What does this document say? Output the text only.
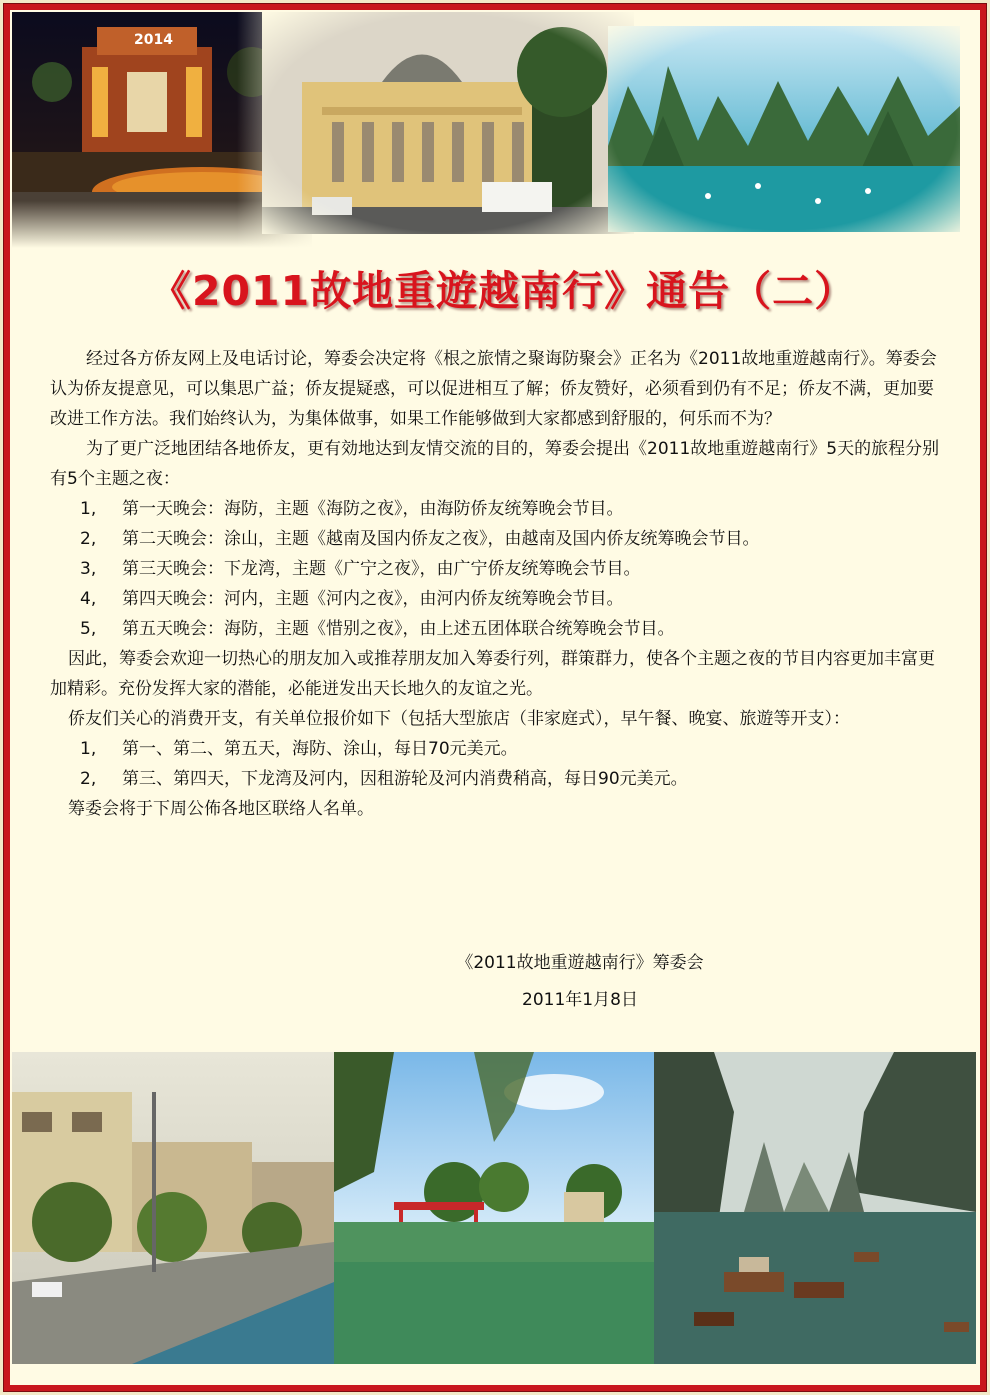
《2011故地重遊越南行》通告（二）

经过各方侨友网上及电话讨论，筹委会决定将《根之旅情之聚诲防聚会》正名为《2011故地重遊越南行》。筹委会认为侨友提意见，可以集思广益；侨友提疑惑，可以促进相互了解；侨友赞好，必须看到仍有不足；侨友不满，更加要改进工作方法。我们始终认为，为集体做事，如果工作能够做到大家都感到舒服的，何乐而不为？

为了更广泛地团结各地侨友，更有効地达到友情交流的目的，筹委会提出《2011故地重遊越南行》5天的旅程分别有5个主题之夜：

1, 第一天晚会：海防，主题《海防之夜》，由海防侨友统筹晚会节目。
2, 第二天晚会：涂山，主题《越南及国内侨友之夜》，由越南及国内侨友统筹晚会节目。
3, 第三天晚会：下龙湾，主题《广宁之夜》，由广宁侨友统筹晚会节目。
4, 第四天晚会：河内，主题《河内之夜》，由河内侨友统筹晚会节目。
5, 第五天晚会：海防，主题《惜别之夜》，由上述五团体联合统筹晚会节目。

因此，筹委会欢迎一切热心的朋友加入或推荐朋友加入筹委行列，群策群力，使各个主题之夜的节目内容更加丰富更加精彩。充份发挥大家的潜能，必能迸发出天长地久的友谊之光。

侨友们关心的消费开支，有关单位报价如下（包括大型旅店（非家庭式），早午餐、晚宴、旅遊等开支）：

1, 第一、第二、第五天，海防、涂山，每日70元美元。
2, 第三、第四天，下龙湾及河内，因租游轮及河内消费稍高，每日90元美元。

筹委会将于下周公佈各地区联络人名单。

《2011故地重遊越南行》筹委会
2011年1月8日
